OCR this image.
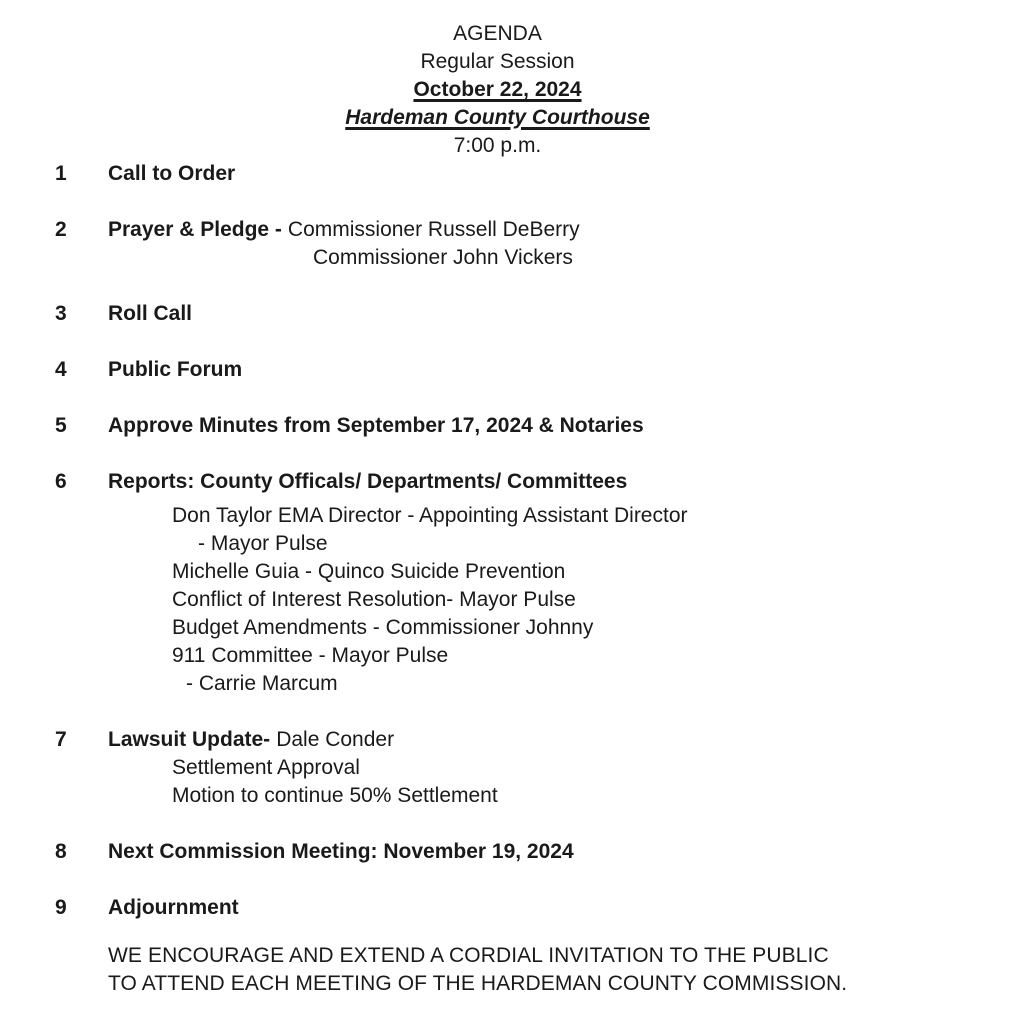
AGENDA
Regular Session
October 22, 2024
Hardeman County Courthouse
7:00 p.m.
1	Call to Order
2	Prayer & Pledge - Commissioner Russell DeBerry
Commissioner John Vickers
3	Roll Call
4	Public Forum
5	Approve Minutes from September 17, 2024 & Notaries
6	Reports: County Officals/ Departments/ Committees
Don Taylor EMA Director - Appointing Assistant Director
- Mayor Pulse
Michelle Guia - Quinco Suicide Prevention
Conflict of Interest Resolution- Mayor Pulse
Budget Amendments - Commissioner Johnny
911 Committee - Mayor Pulse
- Carrie Marcum
7	Lawsuit Update- Dale Conder
Settlement Approval
Motion to continue 50% Settlement
8	Next Commission Meeting: November 19, 2024
9	Adjournment
WE ENCOURAGE AND EXTEND A CORDIAL INVITATION TO THE PUBLIC
TO ATTEND EACH MEETING OF THE HARDEMAN COUNTY COMMISSION.
